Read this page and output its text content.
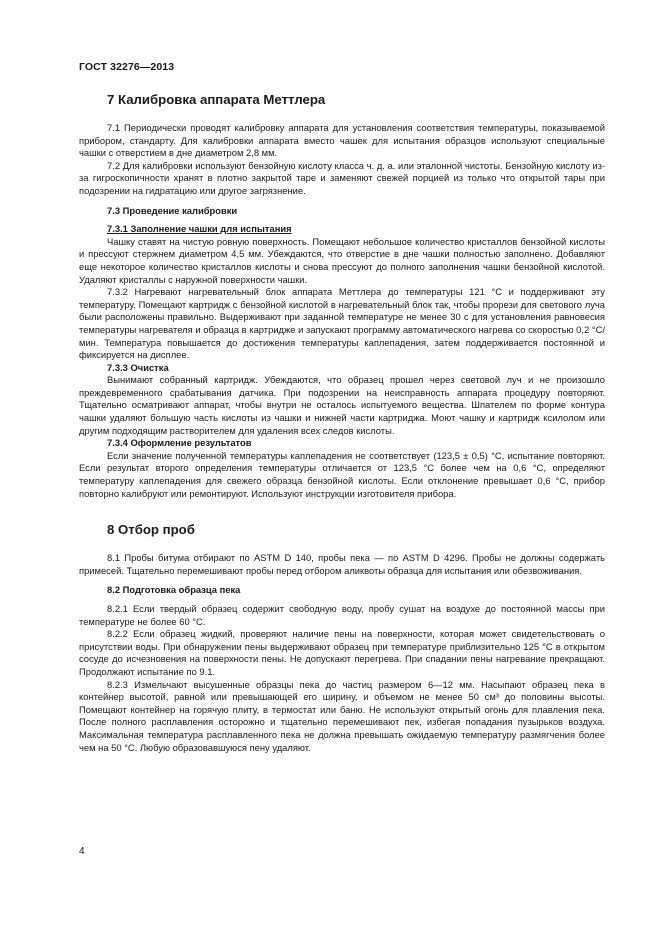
ГОСТ 32276—2013
7 Калибровка аппарата Меттлера

7.1 Периодически проводят калибровку аппарата для установления соответствия температуры, показываемой прибором, стандарту. Для калибровки аппарата вместо чашек для испытания образцов используют специальные чашки с отверстием в дне диаметром 2,8 мм.

7.2 Для калибровки используют бензойную кислоту класса ч. д. а. или эталонной чистоты. Бензойную кислоту из-за гигроскопичности хранят в плотно закрытой таре и заменяют свежей порцией из только что открытой тары при подозрении на гидратацию или другое загрязнение.

7.3 Проведение калибровки
7.3.1 Заполнение чашки для испытания

Чашку ставят на чистую ровную поверхность. Помещают небольшое количество кристаллов бензойной кислоты и прессуют стержнем диаметром 4,5 мм. Убеждаются, что отверстие в дне чашки полностью заполнено. Добавляют еще некоторое количество кристаллов кислоты и снова прессуют до полного заполнения чашки бензойной кислотой. Удаляют кристаллы с наружной поверхности чашки.

7.3.2 Нагревают нагревательный блок аппарата Меттлера до температуры 121 °С и поддерживают эту температуру. Помещают картридж с бензойной кислотой в нагревательный блок так, чтобы прорези для светового луча были расположены правильно. Выдерживают при заданной температуре не менее 30 с для установления равновесия температуры нагревателя и образца в картридже и запускают программу автоматического нагрева со скоростью 0,2 °С/мин. Температура повышается до достижения температуры каплепадения, затем поддерживается постоянной и фиксируется на дисплее.

7.3.3 Очистка

Вынимают собранный картридж. Убеждаются, что образец прошел через световой луч и не произошло преждевременного срабатывания датчика. При подозрении на неисправность аппарата процедуру повторяют. Тщательно осматривают аппарат, чтобы внутри не осталось испытуемого вещества. Шпателем по форме контура чашки удаляют большую часть кислоты из чашки и нижней части картриджа. Моют чашку и картридж ксилолом или другим подходящим растворителем для удаления всех следов кислоты.

7.3.4 Оформление результатов

Если значение полученной температуры каплепадения не соответствует (123,5 ± 0,5) °С, испытание повторяют. Если результат второго определения температуры отличается от 123,5 °С более чем на 0,6 °С, определяют температуру каплепадения для свежего образца бензойной кислоты. Если отклонение превышает 0,6 °С, прибор повторно калибруют или ремонтируют. Используют инструкции изготовителя прибора.

8 Отбор проб

8.1 Пробы битума отбирают по ASTM D 140, пробы пека — по ASTM D 4296. Пробы не должны содержать примесей. Тщательно перемешивают пробы перед отбором аликвоты образца для испытания или обезвоживания.

8.2 Подготовка образца пека

8.2.1 Если твердый образец содержит свободную воду, пробу сушат на воздухе до постоянной массы при температуре не более 60 °С.

8.2.2 Если образец жидкий, проверяют наличие пены на поверхности, которая может свидетельствовать о присутствии воды. При обнаружении пены выдерживают образец при температуре приблизительно 125 °С в открытом сосуде до исчезновения на поверхности пены. Не допускают перегрева. При спадании пены нагревание прекращают. Продолжают испытание по 9.1.

8.2.3 Измельчают высушенные образцы пека до частиц размером 6—12 мм. Насыпают образец пека в контейнер высотой, равной или превышающей его ширину, и объемом не менее 50 см³ до половины высоты. Помещают контейнер на горячую плиту, в термостат или баню. Не используют открытый огонь для плавления пека. После полного расплавления осторожно и тщательно перемешивают пек, избегая попадания пузырьков воздуха. Максимальная температура расплавленного пека не должна превышать ожидаемую температуру размягчения более чем на 50 °С. Любую образовавшуюся пену удаляют.

4
